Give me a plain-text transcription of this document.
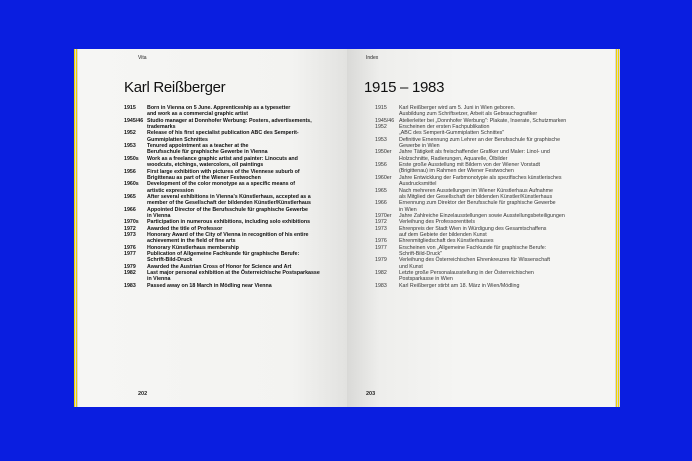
Vita
Karl Reißberger
1915 Born in Vienna on 5 June. Apprenticeship as a typesetter
and work as a commercial graphic artist
1945/46 Studio manager at Donnhofer Werbung: Posters, advertisements,
trademarks
1952 Release of his first specialist publication ABC des Semperit-
Gummiplatten Schnittes
1953 Tenured appointment as a teacher at the
Berufsschule für graphische Gewerbe in Vienna
1950s Work as a freelance graphic artist and painter: Linocuts and
woodcuts, etchings, watercolors, oil paintings
1956 First large exhibition with pictures of the Viennese suburb of
Brigittenau as part of the Wiener Festwochen
1960s Development of the color monotype as a specific means of
artistic expression
1965 After several exhibitions in Vienna's Künstlerhaus, accepted as a
member of the Gesellschaft der bildenden Künstler/Künstlerhaus
1966 Appointed Director of the Berufsschule für graphische Gewerbe
in Vienna
1970s Participation in numerous exhibitions, including solo exhibitions
1972 Awarded the title of Professor
1973 Honorary Award of the City of Vienna in recognition of his entire
achievement in the field of fine arts
1976 Honorary Künstlerhaus membership
1977 Publication of Allgemeine Fachkunde für graphische Berufe:
Schrift-Bild-Druck
1979 Awarded the Austrian Cross of Honor for Science and Art
1982 Last major personal exhibition at the Österreichische Postsparkasse
in Vienna
1983 Passed away on 18 March in Mödling near Vienna
202
Index
1915 – 1983
1915 Karl Reißberger wird am 5. Juni in Wien geboren.
Ausbildung zum Schriftsetzer, Arbeit als Gebrauchsgrafiker
1945/46 Atelierleiter bei „Donnhofer Werbung": Plakate, Inserate, Schutzmarken
1952 Erscheinen der ersten Fachpublikation
„ABC des Semperit-Gummiplatten Schnittes"
1953 Definitive Ernennung zum Lehrer an der Berufsschule für graphische
Gewerbe in Wien
1950er Jahre Tätigkeit als freischaffender Grafiker und Maler: Linol- und
Holzschnitte, Radierungen, Aquarelle, Ölbilder
1956 Erste große Ausstellung mit Bildern von der Wiener Vorstadt
(Brigittenau) im Rahmen der Wiener Festwochen
1960er Jahre Entwicklung der Farbmonotypie als spezifisches künstlerisches
Ausdrucksmittel
1965 Nach mehreren Ausstellungen im Wiener Künstlerhaus Aufnahme
als Mitglied der Gesellschaft der bildenden Künstler/Künstlerhaus
1966 Ernennung zum Direktor der Berufsschule für graphische Gewerbe
in Wien
1970er Jahre Zahlreiche Einzelausstellungen sowie Ausstellungsbeteiligungen
1972 Verleihung des Professorentitels
1973 Ehrenpreis der Stadt Wien in Würdigung des Gesamtschaffens
auf dem Gebiete der bildenden Kunst
1976 Ehrenmitgliedschaft des Künstlerhauses
1977 Erscheinen von „Allgemeine Fachkunde für graphische Berufe:
Schrift-Bild-Druck"
1979 Verleihung des Österreichischen Ehrenkreuzes für Wissenschaft
und Kunst
1982 Letzte große Personalausstellung in der Österreichischen
Postsparkasse in Wien
1983 Karl Reißberger stirbt am 18. März in Wien/Mödling
203
